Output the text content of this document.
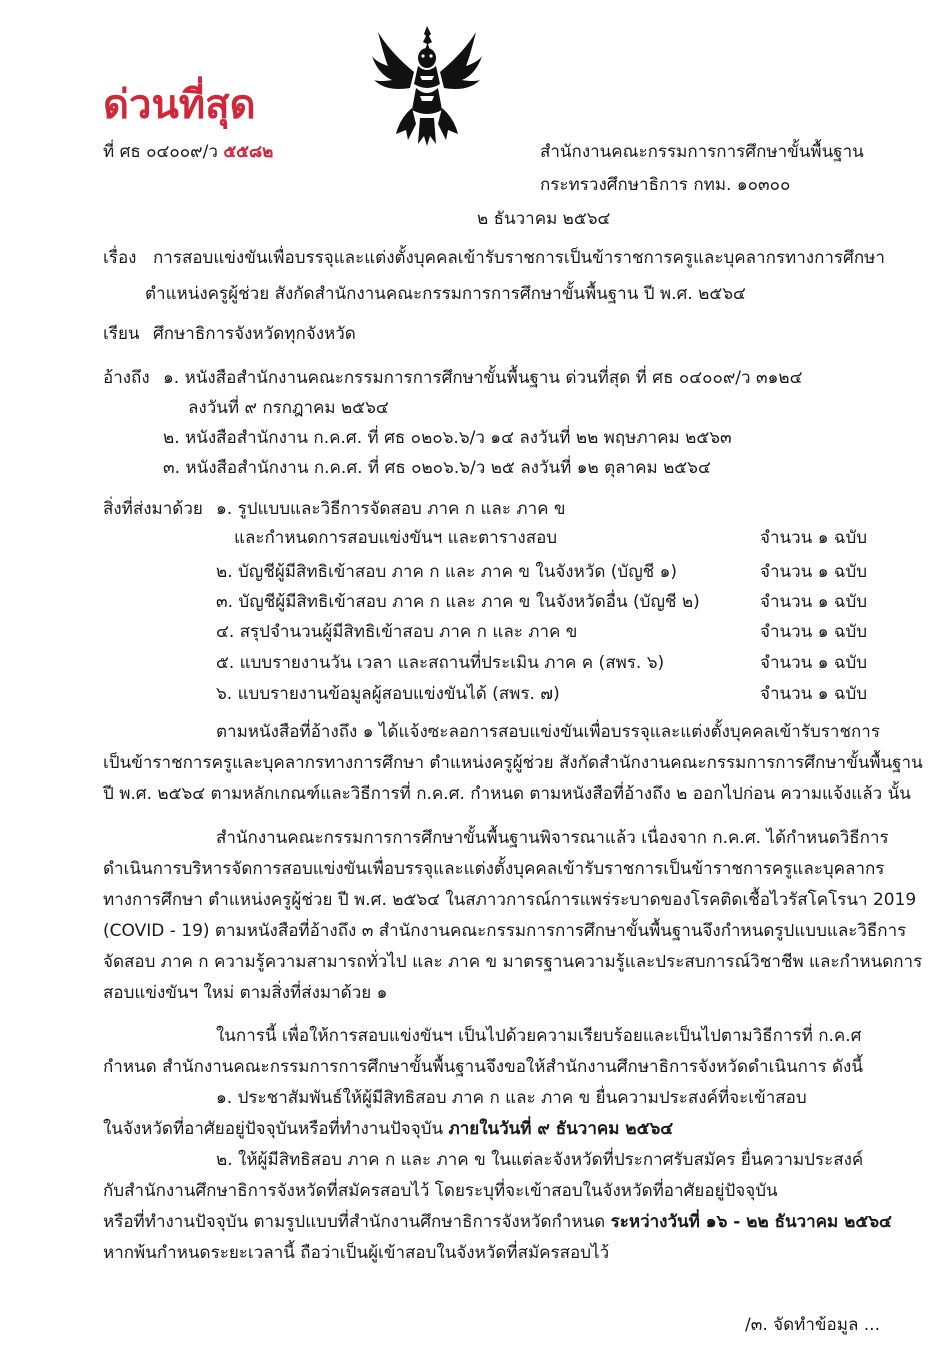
ด่วนที่สุด
ที่ ศธ ๐๔๐๐๙/ว ๕๕๘๒	สำนักงานคณะกรรมการการศึกษาขั้นพื้นฐาน
กระทรวงศึกษาธิการ กทม. ๑๐๓๐๐
๒ ธันวาคม ๒๕๖๔
เรื่อง การสอบแข่งขันเพื่อบรรจุและแต่งตั้งบุคคลเข้ารับราชการเป็นข้าราชการครูและบุคลากรทางการศึกษา
ตำแหน่งครูผู้ช่วย สังกัดสำนักงานคณะกรรมการการศึกษาขั้นพื้นฐาน ปี พ.ศ. ๒๕๖๔
เรียน ศึกษาธิการจังหวัดทุกจังหวัด
อ้างถึง ๑. หนังสือสำนักงานคณะกรรมการการศึกษาขั้นพื้นฐาน ด่วนที่สุด ที่ ศธ ๐๔๐๐๙/ว ๓๑๒๔
ลงวันที่ ๙ กรกฎาคม ๒๕๖๔
๒. หนังสือสำนักงาน ก.ค.ศ. ที่ ศธ ๐๒๐๖.๖/ว ๑๔ ลงวันที่ ๒๒ พฤษภาคม ๒๕๖๓
๓. หนังสือสำนักงาน ก.ค.ศ. ที่ ศธ ๐๒๐๖.๖/ว ๒๕ ลงวันที่ ๑๒ ตุลาคม ๒๕๖๔
สิ่งที่ส่งมาด้วย ๑. รูปแบบและวิธีการจัดสอบ ภาค ก และ ภาค ข
และกำหนดการสอบแข่งขันฯ และตารางสอบ	จำนวน ๑ ฉบับ
๒. บัญชีผู้มีสิทธิเข้าสอบ ภาค ก และ ภาค ข ในจังหวัด (บัญชี ๑)	จำนวน ๑ ฉบับ
๓. บัญชีผู้มีสิทธิเข้าสอบ ภาค ก และ ภาค ข ในจังหวัดอื่น (บัญชี ๒)	จำนวน ๑ ฉบับ
๔. สรุปจำนวนผู้มีสิทธิเข้าสอบ ภาค ก และ ภาค ข	จำนวน ๑ ฉบับ
๕. แบบรายงานวัน เวลา และสถานที่ประเมิน ภาค ค (สพร. ๖)	จำนวน ๑ ฉบับ
๖. แบบรายงานข้อมูลผู้สอบแข่งขันได้ (สพร. ๗)	จำนวน ๑ ฉบับ
ตามหนังสือที่อ้างถึง ๑ ได้แจ้งซะลอการสอบแข่งขันเพื่อบรรจุและแต่งตั้งบุคคลเข้ารับราชการ
เป็นข้าราชการครูและบุคลากรทางการศึกษา ตำแหน่งครูผู้ช่วย สังกัดสำนักงานคณะกรรมการการศึกษาขั้นพื้นฐาน
ปี พ.ศ. ๒๕๖๔ ตามหลักเกณฑ์และวิธีการที่ ก.ค.ศ. กำหนด ตามหนังสือที่อ้างถึง ๒ ออกไปก่อน ความแจ้งแล้ว นั้น
สำนักงานคณะกรรมการการศึกษาขั้นพื้นฐานพิจารณาแล้ว เนื่องจาก ก.ค.ศ. ได้กำหนดวิธีการ
ดำเนินการบริหารจัดการสอบแข่งขันเพื่อบรรจุและแต่งตั้งบุคคลเข้ารับราชการเป็นข้าราชการครูและบุคลากร
ทางการศึกษา ตำแหน่งครูผู้ช่วย ปี พ.ศ. ๒๕๖๔ ในสภาวการณ์การแพร่ระบาดของโรคติดเชื้อไวรัสโคโรนา 2019
(COVID - 19) ตามหนังสือที่อ้างถึง ๓ สำนักงานคณะกรรมการการศึกษาขั้นพื้นฐานจึงกำหนดรูปแบบและวิธีการ
จัดสอบ ภาค ก ความรู้ความสามารถทั่วไป และ ภาค ข มาตรฐานความรู้และประสบการณ์วิชาชีพ และกำหนดการ
สอบแข่งขันฯ ใหม่ ตามสิ่งที่ส่งมาด้วย ๑
ในการนี้ เพื่อให้การสอบแข่งขันฯ เป็นไปด้วยความเรียบร้อยและเป็นไปตามวิธีการที่ ก.ค.ศ
กำหนด สำนักงานคณะกรรมการการศึกษาขั้นพื้นฐานจึงขอให้สำนักงานศึกษาธิการจังหวัดดำเนินการ ดังนี้
๑. ประชาสัมพันธ์ให้ผู้มีสิทธิสอบ ภาค ก และ ภาค ข ยื่นความประสงค์ที่จะเข้าสอบ
ในจังหวัดที่อาศัยอยู่ปัจจุบันหรือที่ทำงานปัจจุบัน ภายในวันที่ ๙ ธันวาคม ๒๕๖๔
๒. ให้ผู้มีสิทธิสอบ ภาค ก และ ภาค ข ในแต่ละจังหวัดที่ประกาศรับสมัคร ยื่นความประสงค์
กับสำนักงานศึกษาธิการจังหวัดที่สมัครสอบไว้ โดยระบุที่จะเข้าสอบในจังหวัดที่อาศัยอยู่ปัจจุบัน
หรือที่ทำงานปัจจุบัน ตามรูปแบบที่สำนักงานศึกษาธิการจังหวัดกำหนด ระหว่างวันที่ ๑๖ - ๒๒ ธันวาคม ๒๕๖๔
หากพ้นกำหนดระยะเวลานี้ ถือว่าเป็นผู้เข้าสอบในจังหวัดที่สมัครสอบไว้
/๓. จัดทำข้อมูล ...
